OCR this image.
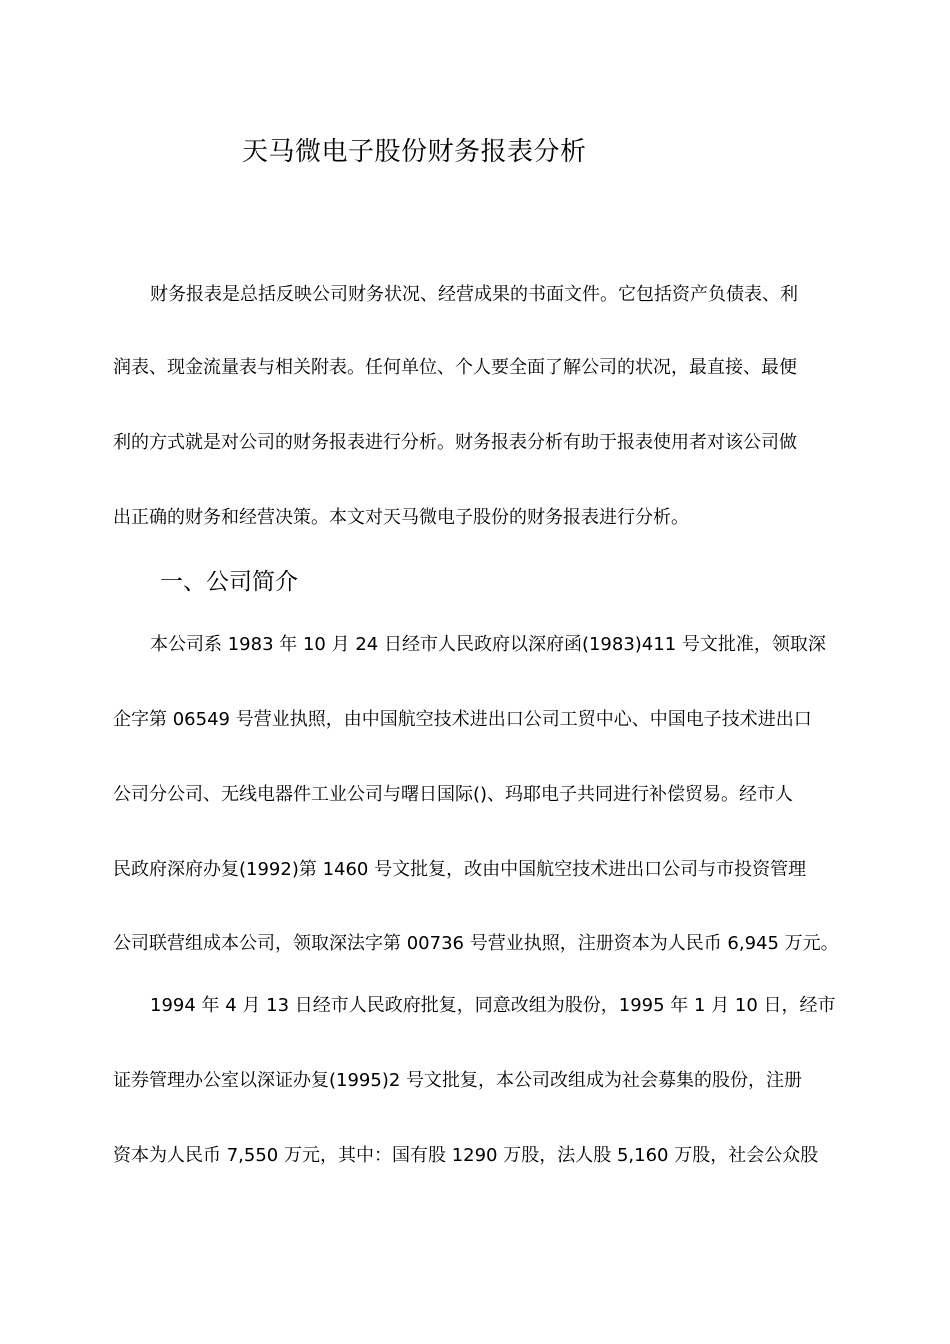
天马微电子股份财务报表分析
财务报表是总括反映公司财务状况、经营成果的书面文件。它包括资产负债表、利
润表、现金流量表与相关附表。任何单位、个人要全面了解公司的状况，最直接、最便
利的方式就是对公司的财务报表进行分析。财务报表分析有助于报表使用者对该公司做
出正确的财务和经营决策。本文对天马微电子股份的财务报表进行分析。
一、公司简介
本公司系 1983 年 10 月 24 日经市人民政府以深府函(1983)411 号文批准，领取深
企字第 06549 号营业执照，由中国航空技术进出口公司工贸中心、中国电子技术进出口
公司分公司、无线电器件工业公司与曙日国际()、玛耶电子共同进行补偿贸易。经市人
民政府深府办复(1992)第 1460 号文批复，改由中国航空技术进出口公司与市投资管理
公司联营组成本公司，领取深法字第 00736 号营业执照，注册资本为人民币 6,945 万元。
1994 年 4 月 13 日经市人民政府批复，同意改组为股份，1995 年 1 月 10 日，经市
证券管理办公室以深证办复(1995)2 号文批复，本公司改组成为社会募集的股份，注册
资本为人民币 7,550 万元，其中：国有股 1290 万股，法人股 5,160 万股，社会公众股
